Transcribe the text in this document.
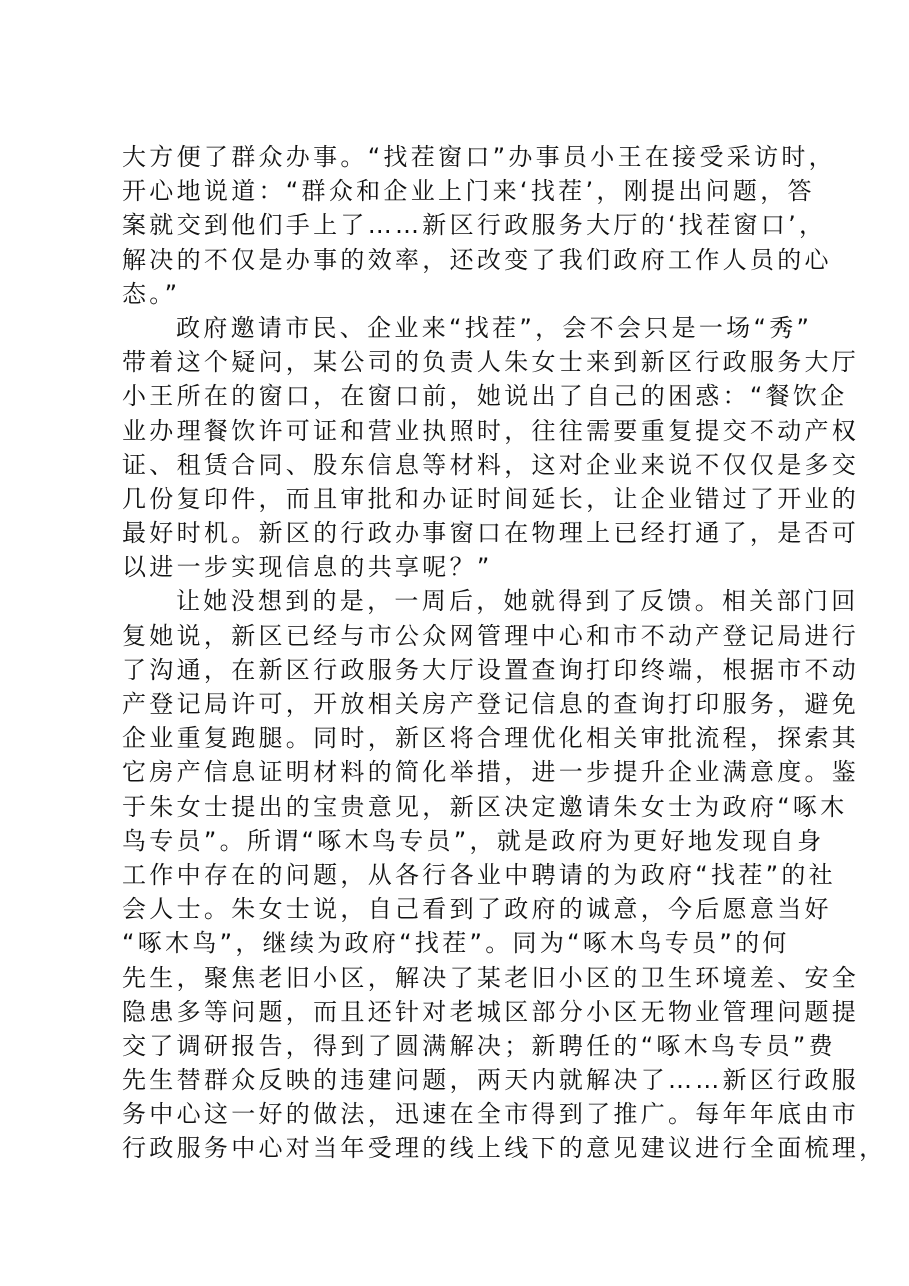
大方便了群众办事。“找茬窗口”办事员小王在接受采访时，
开心地说道：“群众和企业上门来‘找茬’，刚提出问题，答
案就交到他们手上了……新区行政服务大厅的‘找茬窗口’，
解决的不仅是办事的效率，还改变了我们政府工作人员的心
态。”
政府邀请市民、企业来“找茬”，会不会只是一场“秀”
带着这个疑问，某公司的负责人朱女士来到新区行政服务大厅
小王所在的窗口，在窗口前，她说出了自己的困惑：“餐饮企
业办理餐饮许可证和营业执照时，往往需要重复提交不动产权
证、租赁合同、股东信息等材料，这对企业来说不仅仅是多交
几份复印件，而且审批和办证时间延长，让企业错过了开业的
最好时机。新区的行政办事窗口在物理上已经打通了，是否可
以进一步实现信息的共享呢？”
让她没想到的是，一周后，她就得到了反馈。相关部门回
复她说，新区已经与市公众网管理中心和市不动产登记局进行
了沟通，在新区行政服务大厅设置查询打印终端，根据市不动
产登记局许可，开放相关房产登记信息的查询打印服务，避免
企业重复跑腿。同时，新区将合理优化相关审批流程，探索其
它房产信息证明材料的简化举措，进一步提升企业满意度。鉴
于朱女士提出的宝贵意见，新区决定邀请朱女士为政府“啄木
鸟专员”。所谓“啄木鸟专员”，就是政府为更好地发现自身
工作中存在的问题，从各行各业中聘请的为政府“找茬”的社
会人士。朱女士说，自己看到了政府的诚意，今后愿意当好
“啄木鸟”，继续为政府“找茬”。同为“啄木鸟专员”的何
先生，聚焦老旧小区，解决了某老旧小区的卫生环境差、安全
隐患多等问题，而且还针对老城区部分小区无物业管理问题提
交了调研报告，得到了圆满解决；新聘任的“啄木鸟专员”费
先生替群众反映的违建问题，两天内就解决了……新区行政服
务中心这一好的做法，迅速在全市得到了推广。每年年底由市
行政服务中心对当年受理的线上线下的意见建议进行全面梳理，
